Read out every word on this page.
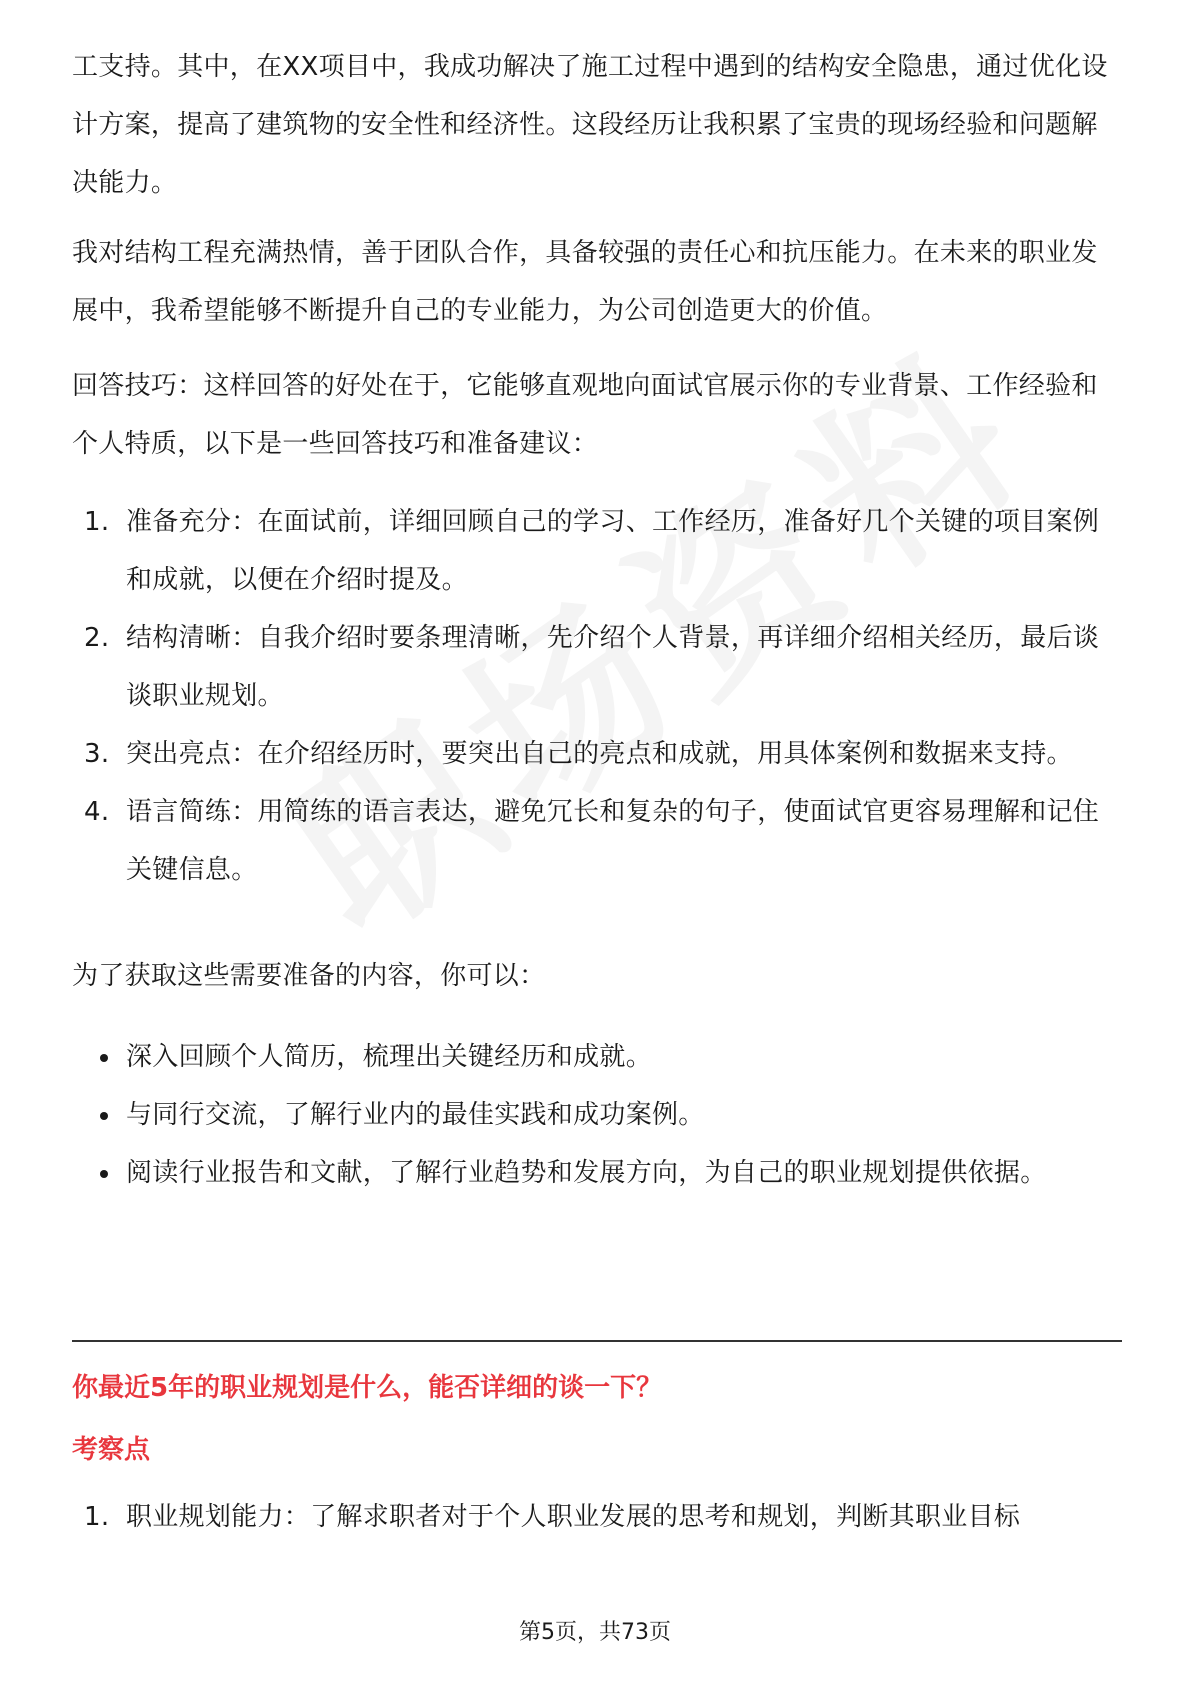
工支持。其中，在XX项目中，我成功解决了施工过程中遇到的结构安全隐患，通过优化设计方案，提高了建筑物的安全性和经济性。这段经历让我积累了宝贵的现场经验和问题解决能力。

我对结构工程充满热情，善于团队合作，具备较强的责任心和抗压能力。在未来的职业发展中，我希望能够不断提升自己的专业能力，为公司创造更大的价值。

回答技巧：这样回答的好处在于，它能够直观地向面试官展示你的专业背景、工作经验和个人特质，以下是一些回答技巧和准备建议：

1. 准备充分：在面试前，详细回顾自己的学习、工作经历，准备好几个关键的项目案例和成就，以便在介绍时提及。
2. 结构清晰：自我介绍时要条理清晰，先介绍个人背景，再详细介绍相关经历，最后谈谈职业规划。
3. 突出亮点：在介绍经历时，要突出自己的亮点和成就，用具体案例和数据来支持。
4. 语言简练：用简练的语言表达，避免冗长和复杂的句子，使面试官更容易理解和记住关键信息。

为了获取这些需要准备的内容，你可以：

深入回顾个人简历，梳理出关键经历和成就。
与同行交流，了解行业内的最佳实践和成功案例。
阅读行业报告和文献，了解行业趋势和发展方向，为自己的职业规划提供依据。
你最近5年的职业规划是什么，能否详细的谈一下？
考察点
1. 职业规划能力：了解求职者对于个人职业发展的思考和规划，判断其职业目标
第5页，共73页
